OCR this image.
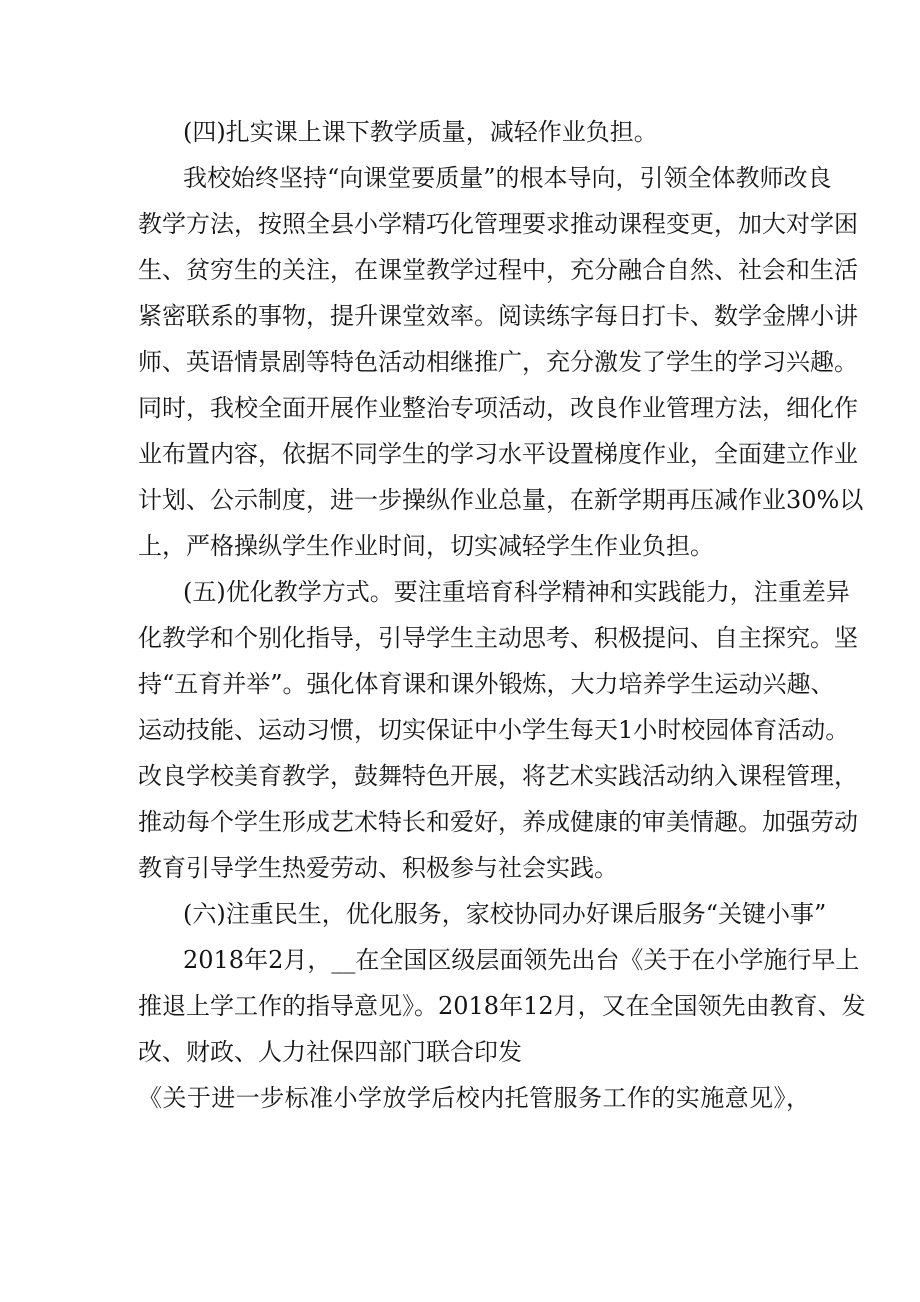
(四)扎实课上课下教学质量，减轻作业负担。
我校始终坚持“向课堂要质量”的根本导向，引领全体教师改良
教学方法，按照全县小学精巧化管理要求推动课程变更，加大对学困
生、贫穷生的关注，在课堂教学过程中，充分融合自然、社会和生活
紧密联系的事物，提升课堂效率。阅读练字每日打卡、数学金牌小讲
师、英语情景剧等特色活动相继推广，充分激发了学生的学习兴趣。
同时，我校全面开展作业整治专项活动，改良作业管理方法，细化作
业布置内容，依据不同学生的学习水平设置梯度作业，全面建立作业
计划、公示制度，进一步操纵作业总量，在新学期再压减作业30%以
上，严格操纵学生作业时间，切实减轻学生作业负担。
(五)优化教学方式。要注重培育科学精神和实践能力，注重差异
化教学和个别化指导，引导学生主动思考、积极提问、自主探究。坚
持“五育并举”。强化体育课和课外锻炼，大力培养学生运动兴趣、
运动技能、运动习惯，切实保证中小学生每天1小时校园体育活动。
改良学校美育教学，鼓舞特色开展，将艺术实践活动纳入课程管理，
推动每个学生形成艺术特长和爱好，养成健康的审美情趣。加强劳动
教育引导学生热爱劳动、积极参与社会实践。
(六)注重民生，优化服务，家校协同办好课后服务“关键小事”
2018年2月，__在全国区级层面领先出台《关于在小学施行早上
推退上学工作的指导意见》。2018年12月，又在全国领先由教育、发
改、财政、人力社保四部门联合印发
《关于进一步标准小学放学后校内托管服务工作的实施意见》，
